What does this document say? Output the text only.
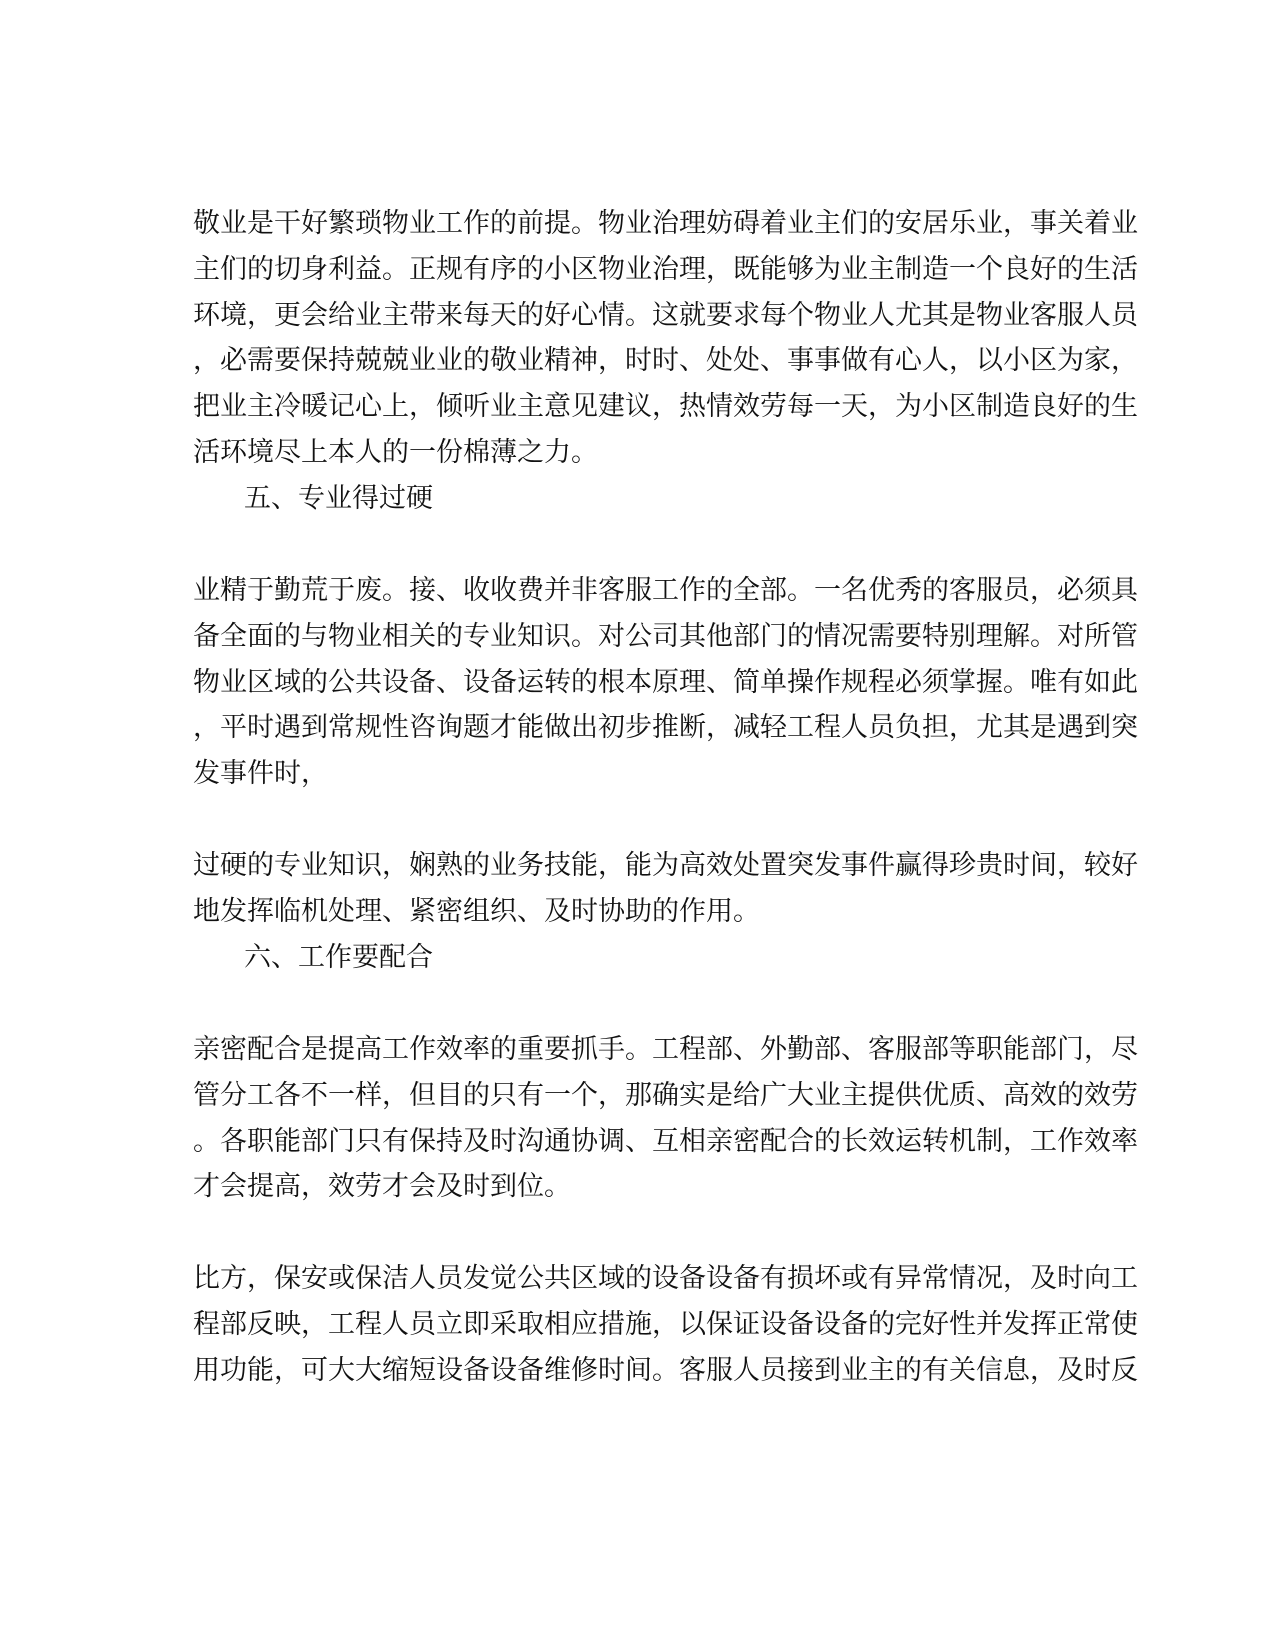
敬业是干好繁琐物业工作的前提。物业治理妨碍着业主们的安居乐业，事关着业
主们的切身利益。正规有序的小区物业治理，既能够为业主制造一个良好的生活
环境，更会给业主带来每天的好心情。这就要求每个物业人尤其是物业客服人员
，必需要保持兢兢业业的敬业精神，时时、处处、事事做有心人，以小区为家，
把业主冷暖记心上，倾听业主意见建议，热情效劳每一天，为小区制造良好的生
活环境尽上本人的一份棉薄之力。
五、专业得过硬
业精于勤荒于废。接、收收费并非客服工作的全部。一名优秀的客服员，必须具
备全面的与物业相关的专业知识。对公司其他部门的情况需要特别理解。对所管
物业区域的公共设备、设备运转的根本原理、简单操作规程必须掌握。唯有如此
，平时遇到常规性咨询题才能做出初步推断，减轻工程人员负担，尤其是遇到突
发事件时，
过硬的专业知识，娴熟的业务技能，能为高效处置突发事件赢得珍贵时间，较好
地发挥临机处理、紧密组织、及时协助的作用。
六、工作要配合
亲密配合是提高工作效率的重要抓手。工程部、外勤部、客服部等职能部门，尽
管分工各不一样，但目的只有一个，那确实是给广大业主提供优质、高效的效劳
。各职能部门只有保持及时沟通协调、互相亲密配合的长效运转机制，工作效率
才会提高，效劳才会及时到位。
比方，保安或保洁人员发觉公共区域的设备设备有损坏或有异常情况，及时向工
程部反映，工程人员立即采取相应措施，以保证设备设备的完好性并发挥正常使
用功能，可大大缩短设备设备维修时间。客服人员接到业主的有关信息，及时反
